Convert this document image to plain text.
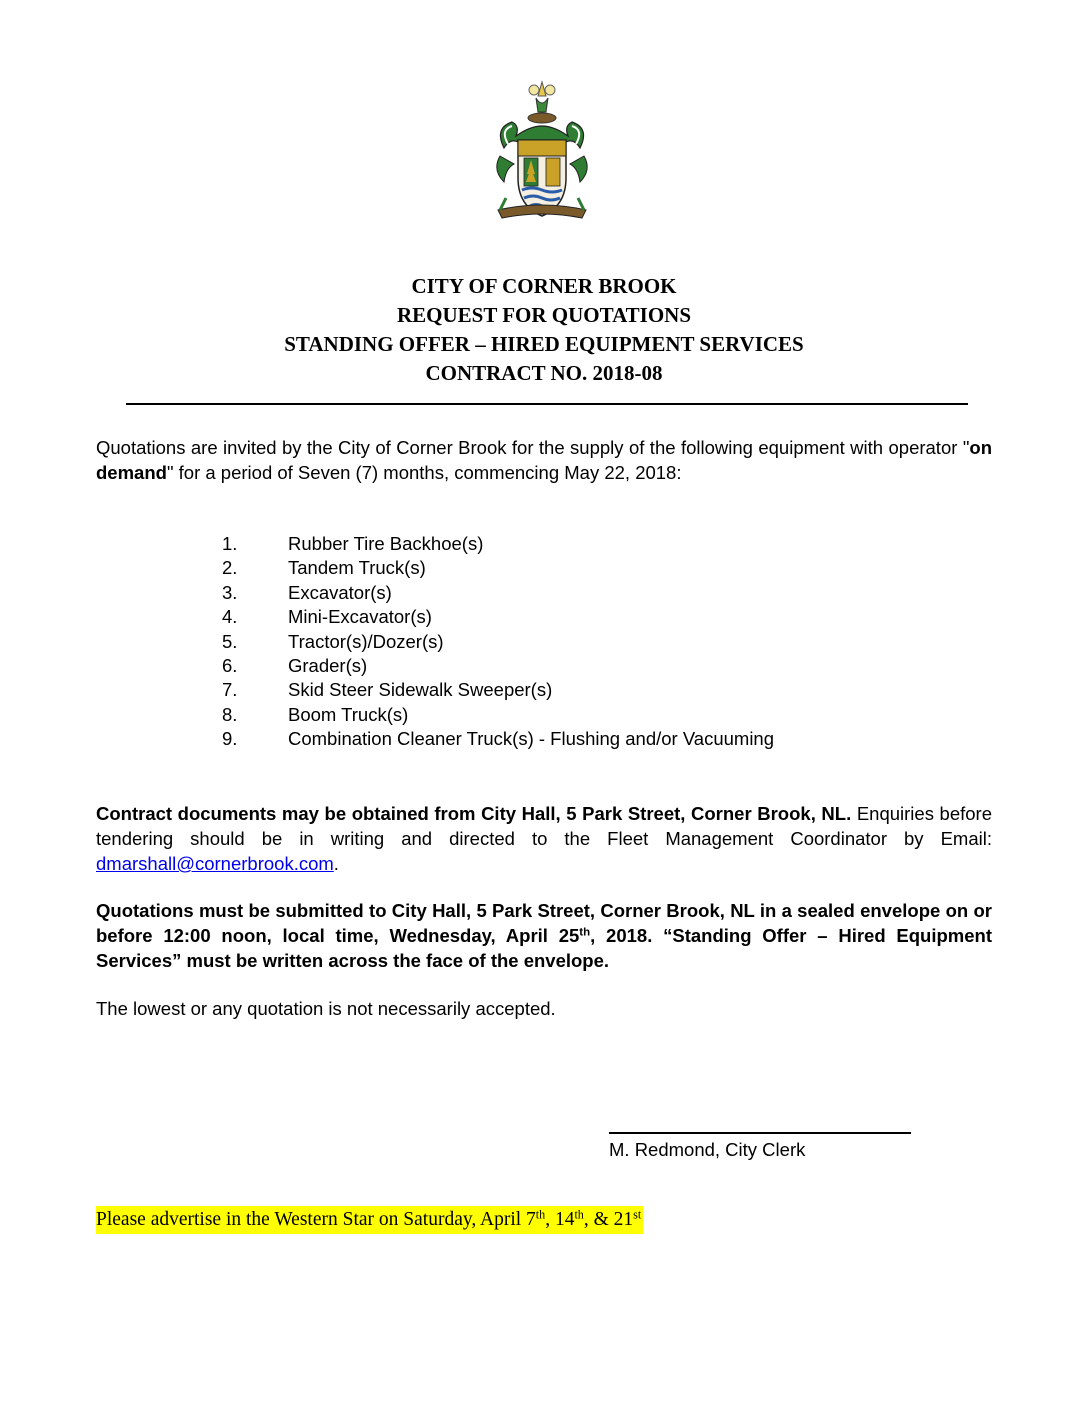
CITY OF CORNER BROOK
REQUEST FOR QUOTATIONS
STANDING OFFER – HIRED EQUIPMENT SERVICES
CONTRACT NO. 2018-08
Quotations are invited by the City of Corner Brook for the supply of the following equipment with operator "on demand" for a period of Seven (7) months, commencing May 22, 2018:
1.	Rubber Tire Backhoe(s)
2.	Tandem Truck(s)
3.	Excavator(s)
4.	Mini-Excavator(s)
5.	Tractor(s)/Dozer(s)
6.	Grader(s)
7.	Skid Steer Sidewalk Sweeper(s)
8.	Boom Truck(s)
9.	Combination Cleaner Truck(s) - Flushing and/or Vacuuming
Contract documents may be obtained from City Hall, 5 Park Street, Corner Brook, NL. Enquiries before tendering should be in writing and directed to the Fleet Management Coordinator by Email: dmarshall@cornerbrook.com.
Quotations must be submitted to City Hall, 5 Park Street, Corner Brook, NL in a sealed envelope on or before 12:00 noon, local time, Wednesday, April 25th, 2018. “Standing Offer – Hired Equipment Services” must be written across the face of the envelope.
The lowest or any quotation is not necessarily accepted.
M. Redmond, City Clerk
Please advertise in the Western Star on Saturday, April 7th, 14th, & 21st
